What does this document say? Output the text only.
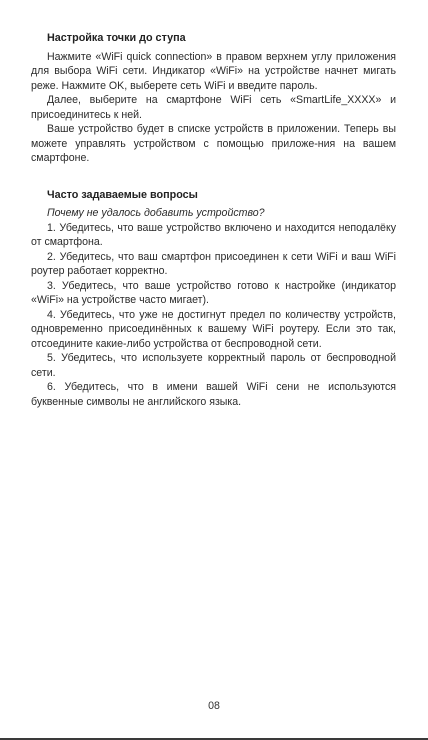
Настройка точки до ступа

Нажмите «WiFi quick connection» в правом верхнем углу приложения для выбора WiFi сети. Индикатор «WiFi» на устройстве начнет мигать реже. Нажмите OK, выберете сеть WiFi и введите пароль.

Далее, выберите на смартфоне WiFi сеть «SmartLife_XXXX» и присоединитесь к ней.

Ваше устройство будет в списке устройств в приложении. Теперь вы можете управлять устройством с помощью приложе-ния на вашем смартфоне.

Часто задаваемые вопросы

Почему не удалось добавить устройство?

1. Убедитесь, что ваше устройство включено и находится неподалёку от смартфона.

2. Убедитесь, что ваш смартфон присоединен к сети WiFi и ваш WiFi роутер работает корректно.

3. Убедитесь, что ваше устройство готово к настройке (индикатор «WiFi» на устройстве часто мигает).

4. Убедитесь, что уже не достигнут предел по количеству устройств, одновременно присоединённых к вашему WiFi роутеру. Если это так, отсоедините какие-либо устройства от беспроводной сети.

5. Убедитесь, что используете корректный пароль от беспроводной сети.

6. Убедитесь, что в имени вашей WiFi сени не используются буквенные символы не английского языка.

08
